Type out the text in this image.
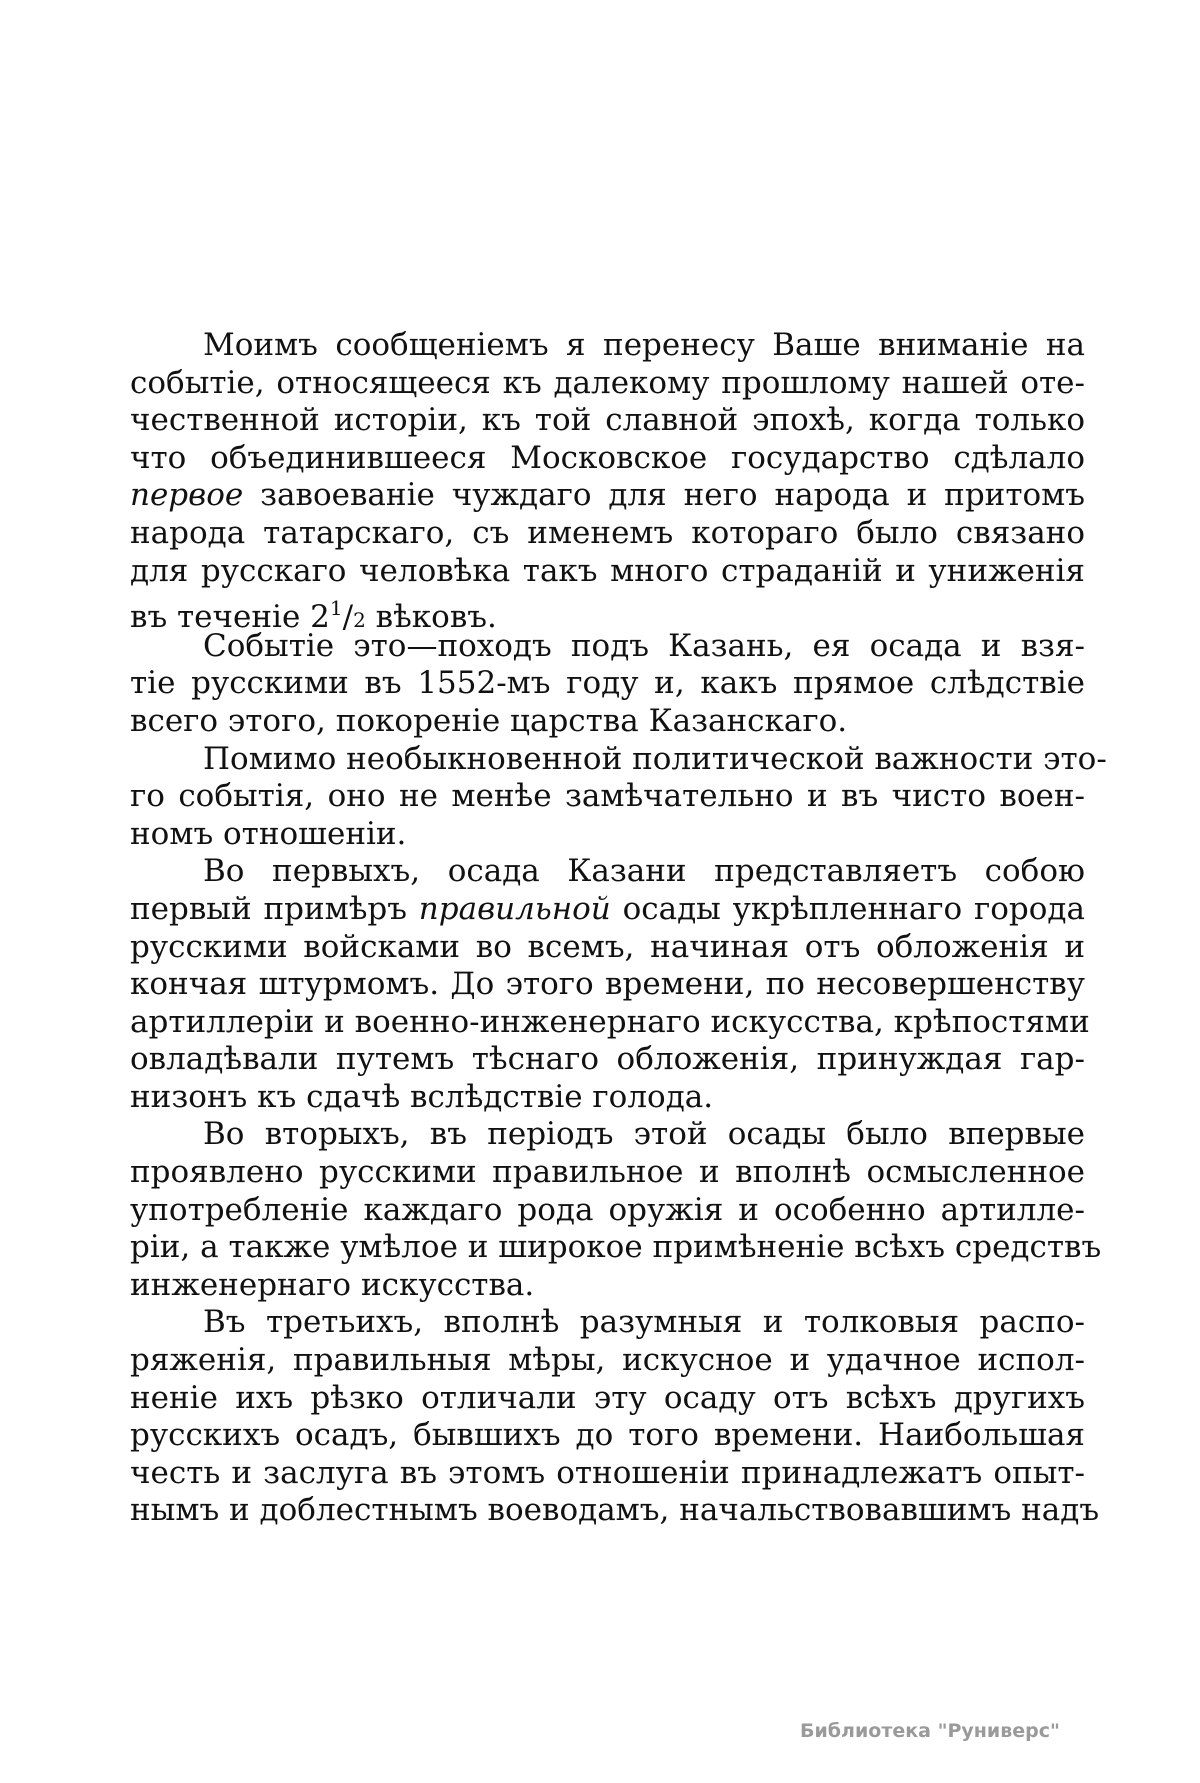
Моимъ сообщеніемъ я перенесу Ваше вниманіе на
событіе, относящееся къ далекому прошлому нашей оте-
чественной исторіи, къ той славной эпохѣ, когда только
что объединившееся Московское государство сдѣлало
первое завоеваніе чуждаго для него народа и притомъ
народа татарскаго, съ именемъ котораго было связано
для русскаго человѣка такъ много страданій и униженія
въ теченіе $2^1/2$ вѣковъ.
Событіе это—походъ подъ Казань, ея осада и взя-
тіе русскими въ 1552-мъ году и, какъ прямое слѣдствіе
всего этого, покореніе царства Казанскаго.
Помимо необыкновенной политической важности это-
го событія, оно не менѣе замѣчательно и въ чисто воен-
номъ отношеніи.
Во первыхъ, осада Казани представляетъ собою
первый примѣръ правильной осады укрѣпленнаго города
русскими войсками во всемъ, начиная отъ обложенія и
кончая штурмомъ. До этого времени, по несовершенству
артиллеріи и военно-инженернаго искусства, крѣпостями
овладѣвали путемъ тѣснаго обложенія, принуждая гар-
низонъ къ сдачѣ вслѣдствіе голода.
Во вторыхъ, въ періодъ этой осады было впервые
проявлено русскими правильное и вполнѣ осмысленное
употребленіе каждаго рода оружія и особенно артилле-
ріи, а также умѣлое и широкое примѣненіе всѣхъ средствъ
инженернаго искусства.
Въ третьихъ, вполнѣ разумныя и толковыя распо-
ряженія, правильныя мѣры, искусное и удачное испол-
неніе ихъ рѣзко отличали эту осаду отъ всѣхъ другихъ
русскихъ осадъ, бывшихъ до того времени. Наибольшая
честь и заслуга въ этомъ отношеніи принадлежатъ опыт-
нымъ и доблестнымъ воеводамъ, начальствовавшимъ надъ
Библиотека "Руниверс"
